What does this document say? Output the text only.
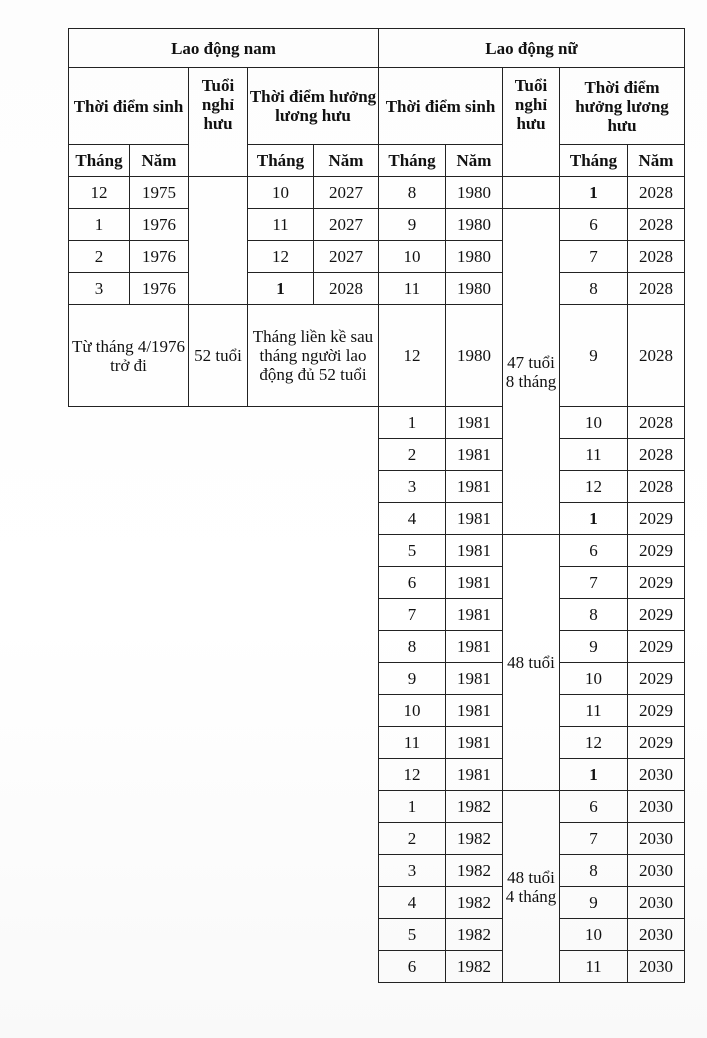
Lao động nam					Lao động nữ				
Thời điểm sinh		Tuổi nghỉ hưu	Thời điểm hưởng lương hưu		Thời điểm sinh		Tuổi nghỉ hưu	Thời điểm hưởng lương hưu	
Tháng	Năm		Tháng	Năm	Tháng	Năm		Tháng	Năm
12	1975		10	2027	8	1980		1	2028
1	1976		11	2027	9	1980	47 tuổi 8 tháng	6	2028
2	1976		12	2027	10	1980		7	2028
3	1976		1	2028	11	1980		8	2028
Từ tháng 4/1976 trở đi		52 tuổi	Tháng liền kề sau tháng người lao động đủ 52 tuổi		12	1980		9	2028
					1	1981		10	2028
					2	1981		11	2028
					3	1981		12	2028
					4	1981		1	2029
					5	1981	48 tuổi	6	2029
					6	1981		7	2029
					7	1981		8	2029
					8	1981		9	2029
					9	1981		10	2029
					10	1981		11	2029
					11	1981		12	2029
					12	1981		1	2030
					1	1982	48 tuổi 4 tháng	6	2030
					2	1982		7	2030
					3	1982		8	2030
					4	1982		9	2030
					5	1982		10	2030
					6	1982		11	2030
